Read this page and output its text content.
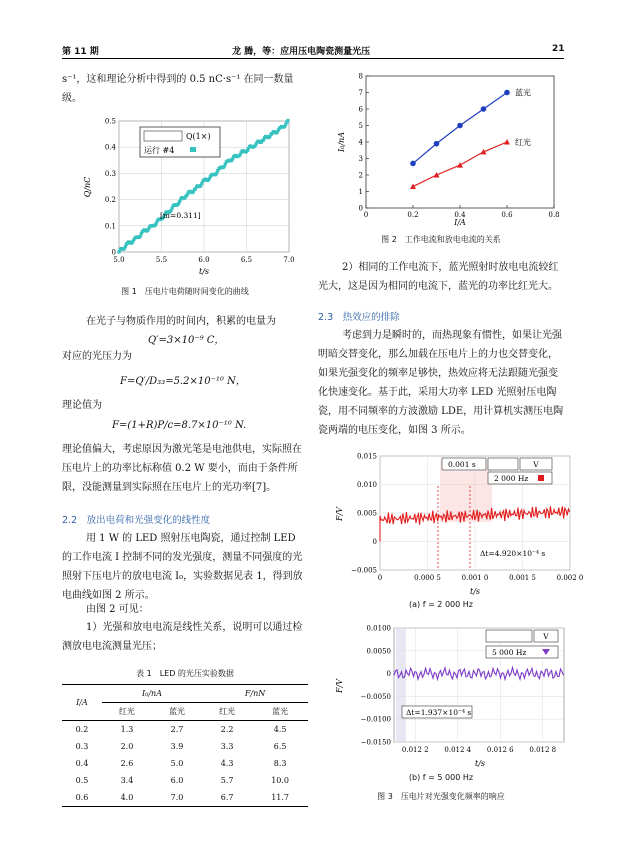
第 11 期	龙 腾，等：应用压电陶瓷测量光压	21
s⁻¹，这和理论分析中得到的 0.5 nC·s⁻¹ 在同一数量级。
Q(1×)
运行 #4
[m=0.311]
5.0	5.5	6.0	6.5	7.0
0
0.1
0.2
0.3
0.4
0.5
t/s
Q/nC
图 1　压电片电荷随时间变化的曲线
在光子与物质作用的时间内，积累的电量为
Q′=3×10⁻⁹ C，
对应的光压力为
F=Q′/D₃₃=5.2×10⁻¹⁰ N，
理论值为
F=(1+R)P/c=8.7×10⁻¹⁰ N.
理论值偏大，考虑原因为激光笔是电池供电，实际照在压电片上的功率比标称值 0.2 W 要小，而由于条件所限，没能测量到实际照在压电片上的光功率[7]。
2.2　放出电荷和光强变化的线性度
用 1 W 的 LED 照射压电陶瓷，通过控制 LED 的工作电流 I 控制不同的发光强度，测量不同强度的光照射下压电片的放电电流 I₀，实验数据见表 1，得到放电曲线如图 2 所示。
由图 2 可见：
1）光强和放电电流是线性关系，说明可以通过检测放电电流测量光压；
表 1　LED 的光压实验数据
I/A	I₀/nA		F/nN	
	红光	蓝光	红光	蓝光
0.2	1.3	2.7	2.2	4.5
0.3	2.0	3.9	3.3	6.5
0.4	2.6	5.0	4.3	8.3
0.5	3.4	6.0	5.7	10.0
0.6	4.0	7.0	6.7	11.7
0	0.2	0.4	0.6	0.8
0
1
2
3
4
5
6
7
8
蓝光
红光
I/A
I₀/nA
图 2　工作电流和放电电流的关系
2）相同的工作电流下，蓝光照射时放电电流较红光大，这是因为相同的电流下，蓝光的功率比红光大。
2.3　热效应的排除
考虑到力是瞬时的，而热现象有惯性，如果让光强明暗交替变化，那么加载在压电片上的力也交替变化，如果光强变化的频率足够快，热效应将无法跟随光强变化快速变化。基于此，采用大功率 LED 光照射压电陶瓷，用不同频率的方波激励 LDE，用计算机实测压电陶瓷两端的电压变化，如图 3 所示。
0.001 s	V
2 000 Hz
Δt=4.920×10⁻⁴ s
0	0.000 5	0.001 0	0.001 5	0.002 0
−0.005
0
0.005
0.010
0.015
t/s
F/V
(a) f = 2 000 Hz
V
5 000 Hz
Δt=1.937×10⁻⁴ s
0.012 2 0.012 4 0.012 6 0.012 8
−0.0150
−0.0100
−0.0050
0
0.0050
0.0100
t/s
F/V
(b) f = 5 000 Hz
图 3　压电片对光强变化频率的响应
